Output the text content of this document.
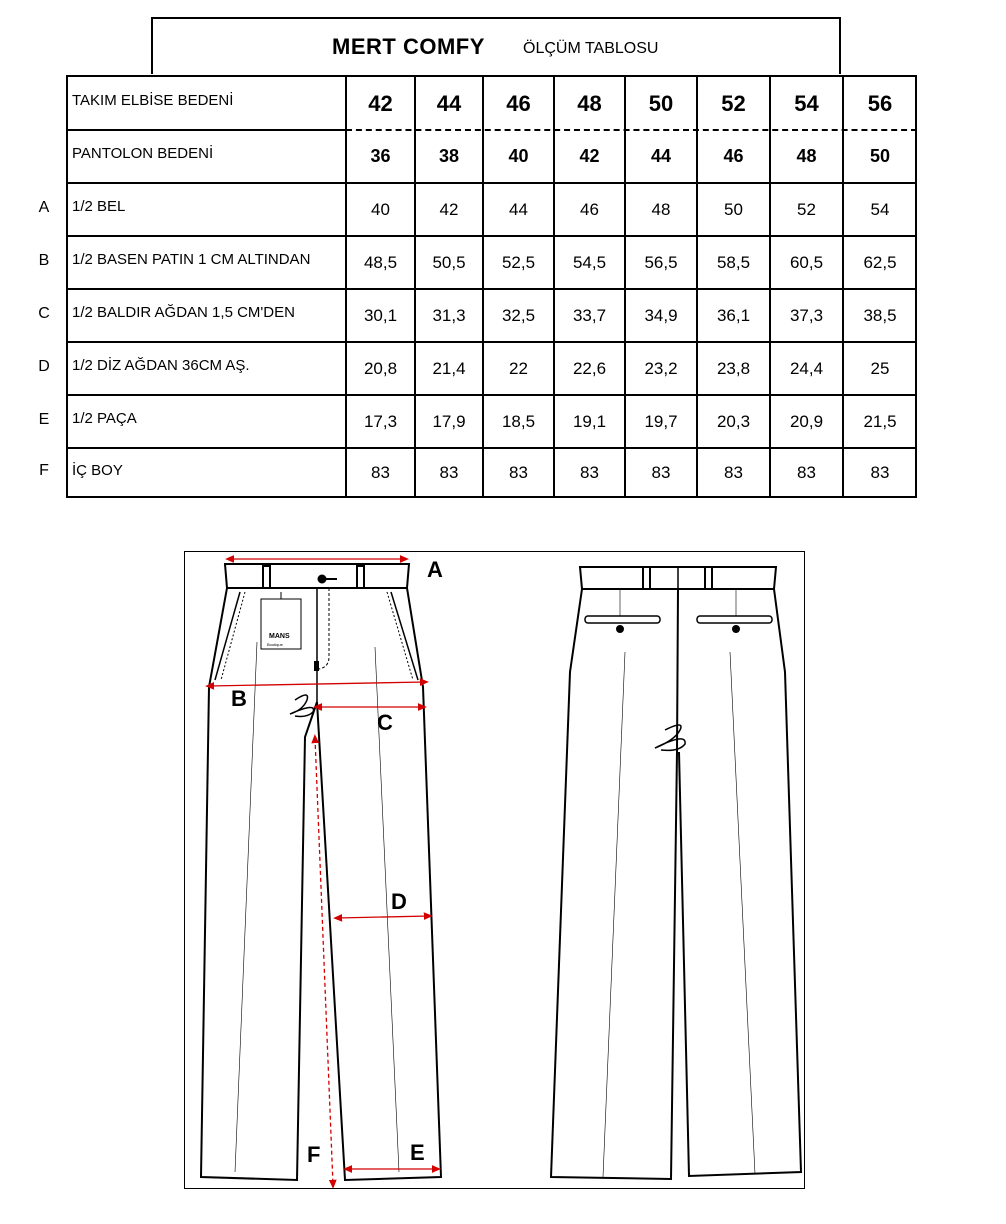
MERT COMFY ÖLÇÜM TABLOSU
TAKIM ELBİSE BEDENİ	42	44	46	48	50	52	54	56
PANTOLON BEDENİ	36	38	40	42	44	46	48	50
1/2 BEL	40	42	44	46	48	50	52	54
1/2 BASEN PATIN 1 CM ALTINDAN	48,5	50,5	52,5	54,5	56,5	58,5	60,5	62,5
1/2 BALDIR AĞDAN 1,5 CM'DEN	30,1	31,3	32,5	33,7	34,9	36,1	37,3	38,5
1/2 DİZ AĞDAN 36CM AŞ.	20,8	21,4	22	22,6	23,2	23,8	24,4	25
1/2 PAÇA	17,3	17,9	18,5	19,1	19,7	20,3	20,9	21,5
İÇ BOY	83	83	83	83	83	83	83	83
A
B
C
D
E
F
MANS
Boutique
A
B
C
D
E
F
